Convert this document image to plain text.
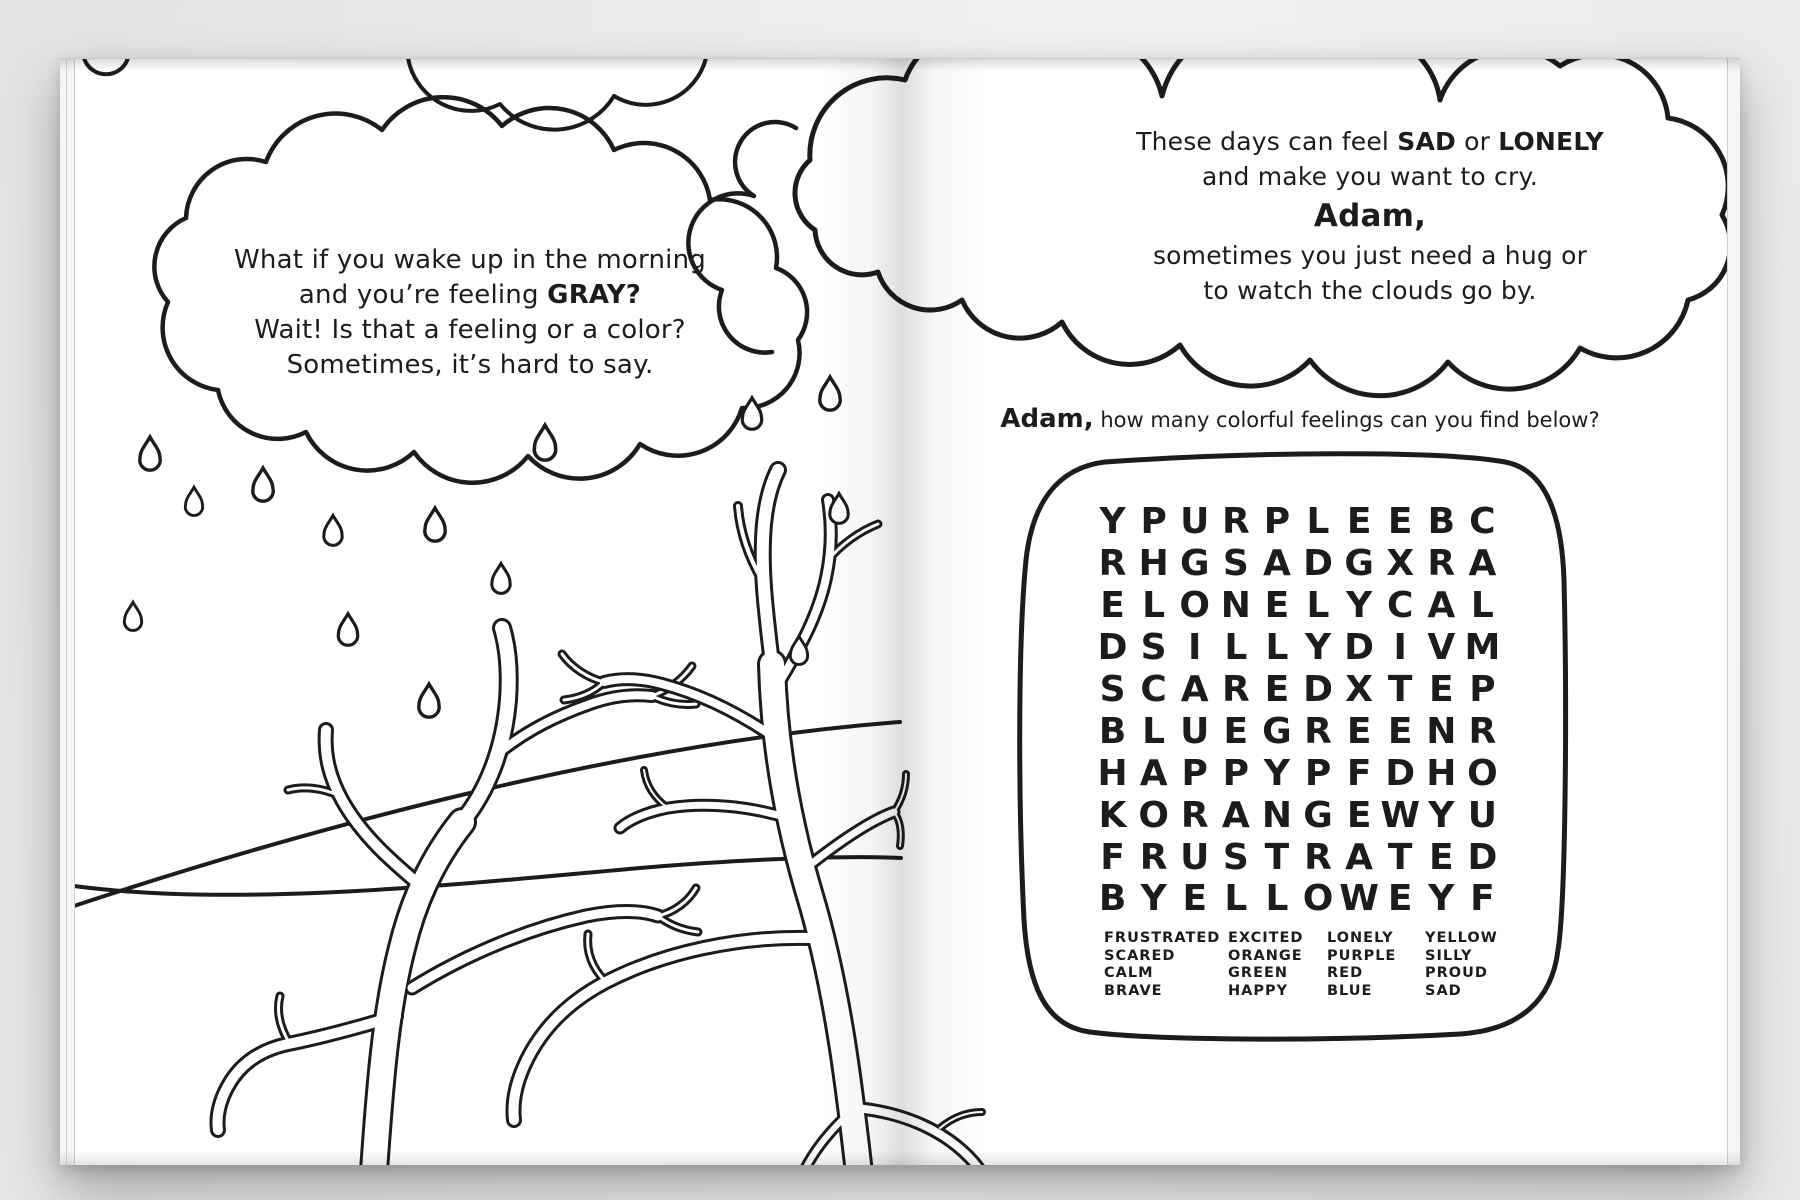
What if you wake up in the morning
and you’re feeling GRAY?
Wait! Is that a feeling or a color?
Sometimes, it’s hard to say.
These days can feel SAD or LONELY
and make you want to cry.
Adam,
sometimes you just need a hug or
to watch the clouds go by.
Adam, how many colorful feelings can you find below?
Y P U R P L E E B C
R H G S A D G X R A
E L O N E L Y C A L
D S I L L Y D I V M
S C A R E D X T E P
B L U E G R E E N R
H A P P Y P F D H O
K O R A N G E W Y U
F R U S T R A T E D
B Y E L L O W E Y F
FRUSTRATED
SCARED
CALM
BRAVE
EXCITED
ORANGE
GREEN
HAPPY
LONELY
PURPLE
RED
BLUE
YELLOW
SILLY
PROUD
SAD
